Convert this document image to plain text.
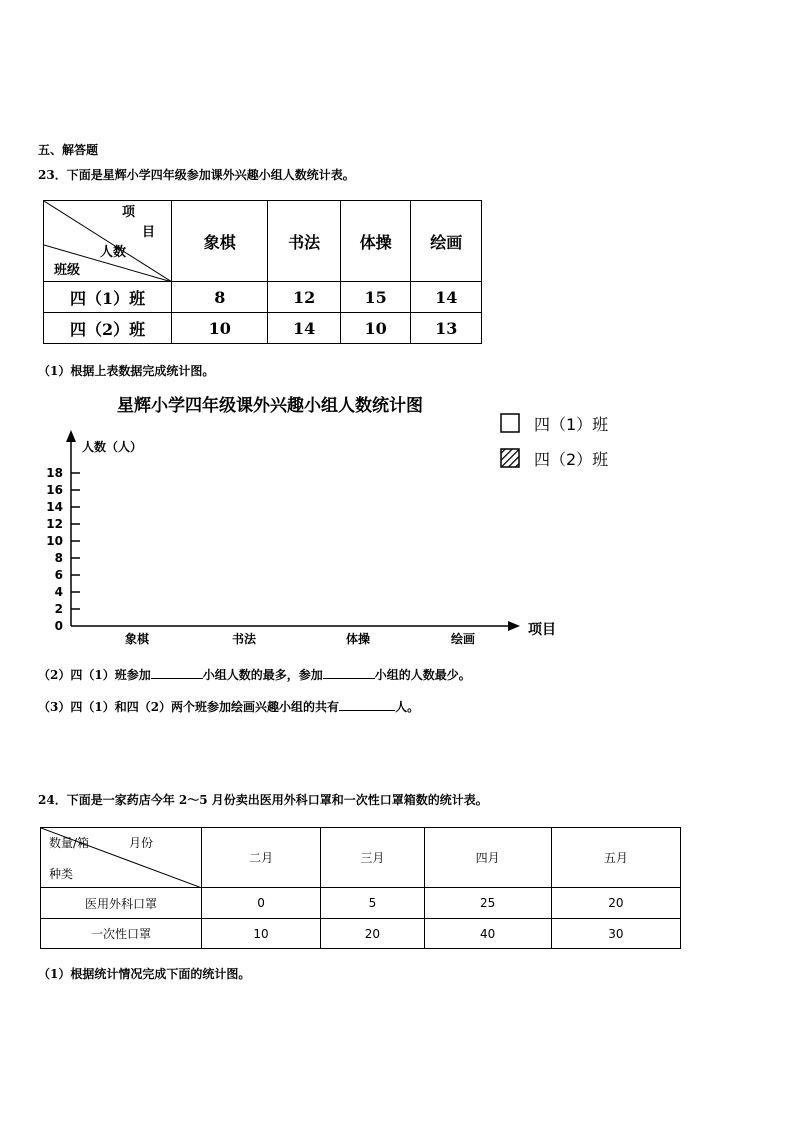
五、解答题
23．下面是星辉小学四年级参加课外兴趣小组人数统计表。
项
目
人数
班级	象棋	书法	体操	绘画
四（1）班	8	12	15	14
四（2）班	10	14	10	13
（1）根据上表数据完成统计图。
星辉小学四年级课外兴趣小组人数统计图
四（1）班
四（2）班
人数（人）
项目
0
2
4
6
8
10
12
14
16
18
象棋	书法	体操	绘画
（2）四（1）班参加	小组人数的最多，参加	小组的人数最少。
（3）四（1）和四（2）两个班参加绘画兴趣小组的共有	人。
24．下面是一家药店今年 2～5 月份卖出医用外科口罩和一次性口罩箱数的统计表。
数量/箱 月份
种类	二月	三月	四月	五月
医用外科口罩	0	5	25	20
一次性口罩	10	20	40	30
（1）根据统计情况完成下面的统计图。
